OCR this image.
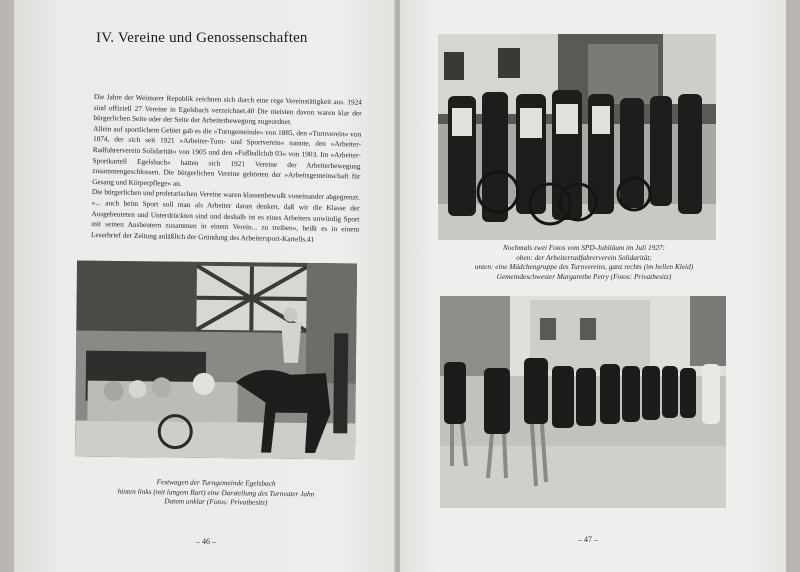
IV. Vereine und Genossenschaften

Die Jahre der Weimarer Republik zeichnen sich durch eine rege Vereinstätigkeit aus. 1924 sind offiziell 27 Vereine in Egelsbach verzeichnet.40 Die meisten davon waren klar der bürgerlichen Seite oder der Seite der Arbeiterbewegung zugeordnet.

Allein auf sportlichem Gebiet gab es die »Turngemeinde« von 1885, den »Turnverein« von 1874, der sich seit 1921 »Arbeiter-Turn- und Sportverein« nannte, den »Arbeiter-Radfahrerverein Solidarität« von 1905 und den »Fußballclub 03« von 1903. Im »Arbeiter-Sportkartell Egelsbach« hatten sich 1921 Vereine der Arbeiterbewegung zusammengeschlossen. Die bürgerlichen Vereine gehörten der »Arbeitsgemeinschaft für Gesang und Körperpflege« an.

Die bürgerlichen und proletarischen Vereine waren klassenbewußt voneinander abgegrenzt. »... auch beim Sport soll man als Arbeiter daran denken, daß wir die Klasse der Ausgebeuteten und Unterdrückten sind und deshalb ist es eines Arbeiters unwürdig Sport mit seinen Ausbeutern zusammen in einem Verein... zu treiben«, heißt es in einem Leserbrief der Zeitung anläßlich der Gründung des Arbeitersport-Kartells.41

Festwagen der Turngemeinde Egelsbach
hinten links (mit langem Bart) eine Darstellung des Turnvater Jahn
Datum unklar (Fotos: Privatbesitz)
– 46 –
Nochmals zwei Fotos vom SPD-Jubiläum im Juli 1927:
oben: der Arbeiterradfahrerverein Solidarität;
unten: eine Mädchengruppe des Turnvereins, ganz rechts (im hellen Kleid)
Gemeindeschwester Margarethe Petry (Fotos: Privatbesitz)
– 47 –
